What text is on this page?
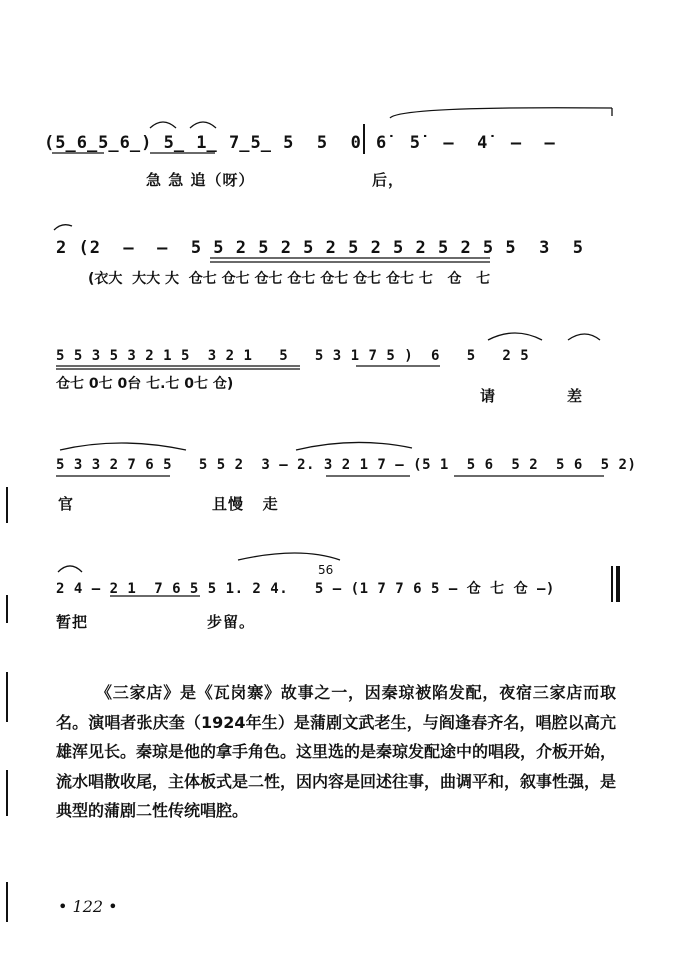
(5̲6̲5̲6̲) 5̲ 1̲ 7̲5̲ 5  5  0 6̇  5̇  –  4̇  –  –
急 急 追（呀）	后，
2 (2  –  –  5 5 2 5 2 5 2 5 2 5 2 5 2 5 5  3  5
(衣大  大大 大  仓七 仓七 仓七 仓七 仓七 仓七 仓七 七   仓   七
5 5 3 5 3 2 1 5  3 2 1   5   5 3 1 7 5 )  6   5   2 5
仓七 0七 0台 七.七 0七 仓)
请	差
5 3 3 2 7 6 5   5 5 2  3 – 2. 3 2 1 7 – (5 1  5 6  5 2  5 6  5 2)
官	且慢   走
56
2 4 – 2 1  7 6 5 5 1. 2 4.   5 – (1 7 7 6 5 – 仓 七 仓 –)
暂把	步留。

《三家店》是《瓦岗寨》故事之一，因秦琼被陷发配，夜宿三家店而取名。演唱者张庆奎（1924年生）是蒲剧文武老生，与阎逢春齐名，唱腔以高亢雄浑见长。秦琼是他的拿手角色。这里选的是秦琼发配途中的唱段，介板开始，流水唱散收尾，主体板式是二性，因内容是回述往事，曲调平和，叙事性强，是典型的蒲剧二性传统唱腔。

• 122 •
